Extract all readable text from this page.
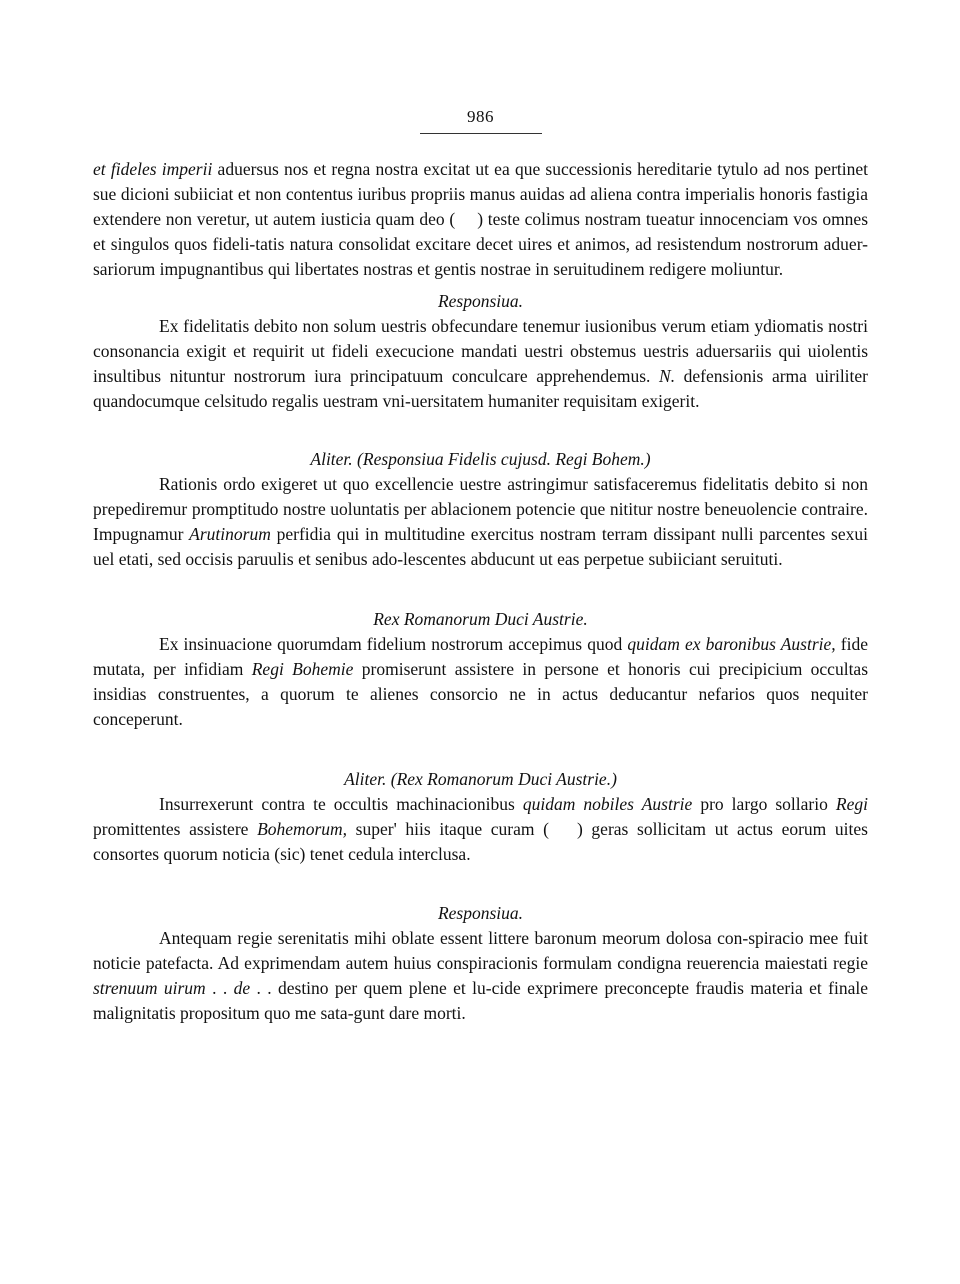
986

et fideles imperii aduersus nos et regna nostra excitat ut ea que successionis hereditarie tytulo ad nos pertinet sue dicioni subiiciat et non contentus iuribus propriis manus auidas ad aliena contra imperialis honoris fastigia extendere non veretur, ut autem iusticia quam deo ( ) teste colimus nostram tueatur innocenciam vos omnes et singulos quos fideli-tatis natura consolidat excitare decet uires et animos, ad resistendum nostrorum aduer-sariorum impugnantibus qui libertates nostras et gentis nostrae in seruitudinem redigere moliuntur.

Responsiua.

Ex fidelitatis debito non solum uestris obfecundare tenemur iusionibus verum etiam ydiomatis nostri consonancia exigit et requirit ut fideli execucione mandati uestri obstemus uestris aduersariis qui uiolentis insultibus nituntur nostrorum iura principatuum conculcare apprehendemus. N. defensionis arma uiriliter quandocumque celsitudo regalis uestram vni-uersitatem humaniter requisitam exigerit.

Aliter. (Responsiua Fidelis cujusd. Regi Bohem.)

Rationis ordo exigeret ut quo excellencie uestre astringimur satisfaceremus fidelitatis debito si non prepediremur promptitudo nostre uoluntatis per ablacionem potencie que nititur nostre beneuolencie contraire. Impugnamur Arutinorum perfidia qui in multitudine exercitus nostram terram dissipant nulli parcentes sexui uel etati, sed occisis paruulis et senibus ado-lescentes abducunt ut eas perpetue subiiciant seruituti.

Rex Romanorum Duci Austrie.

Ex insinuacione quorumdam fidelium nostrorum accepimus quod quidam ex baronibus Austrie, fide mutata, per infidiam Regi Bohemie promiserunt assistere in persone et honoris cui precipicium occultas insidias construentes, a quorum te alienes consorcio ne in actus deducantur nefarios quos nequiter conceperunt.

Aliter. (Rex Romanorum Duci Austrie.)

Insurrexerunt contra te occultis machinacionibus quidam nobiles Austrie pro largo sollario Regi promittentes assistere Bohemorum, super' hiis itaque curam ( ) geras sollicitam ut actus eorum uites consortes quorum noticia (sic) tenet cedula interclusa.

Responsiua.

Antequam regie serenitatis mihi oblate essent littere baronum meorum dolosa con-spiracio mee fuit noticie patefacta. Ad exprimendam autem huius conspiracionis formulam condigna reuerencia maiestati regie strenuum uirum . . de . . destino per quem plene et lu-cide exprimere preconcepte fraudis materia et finale malignitatis propositum quo me sata-gunt dare morti.
